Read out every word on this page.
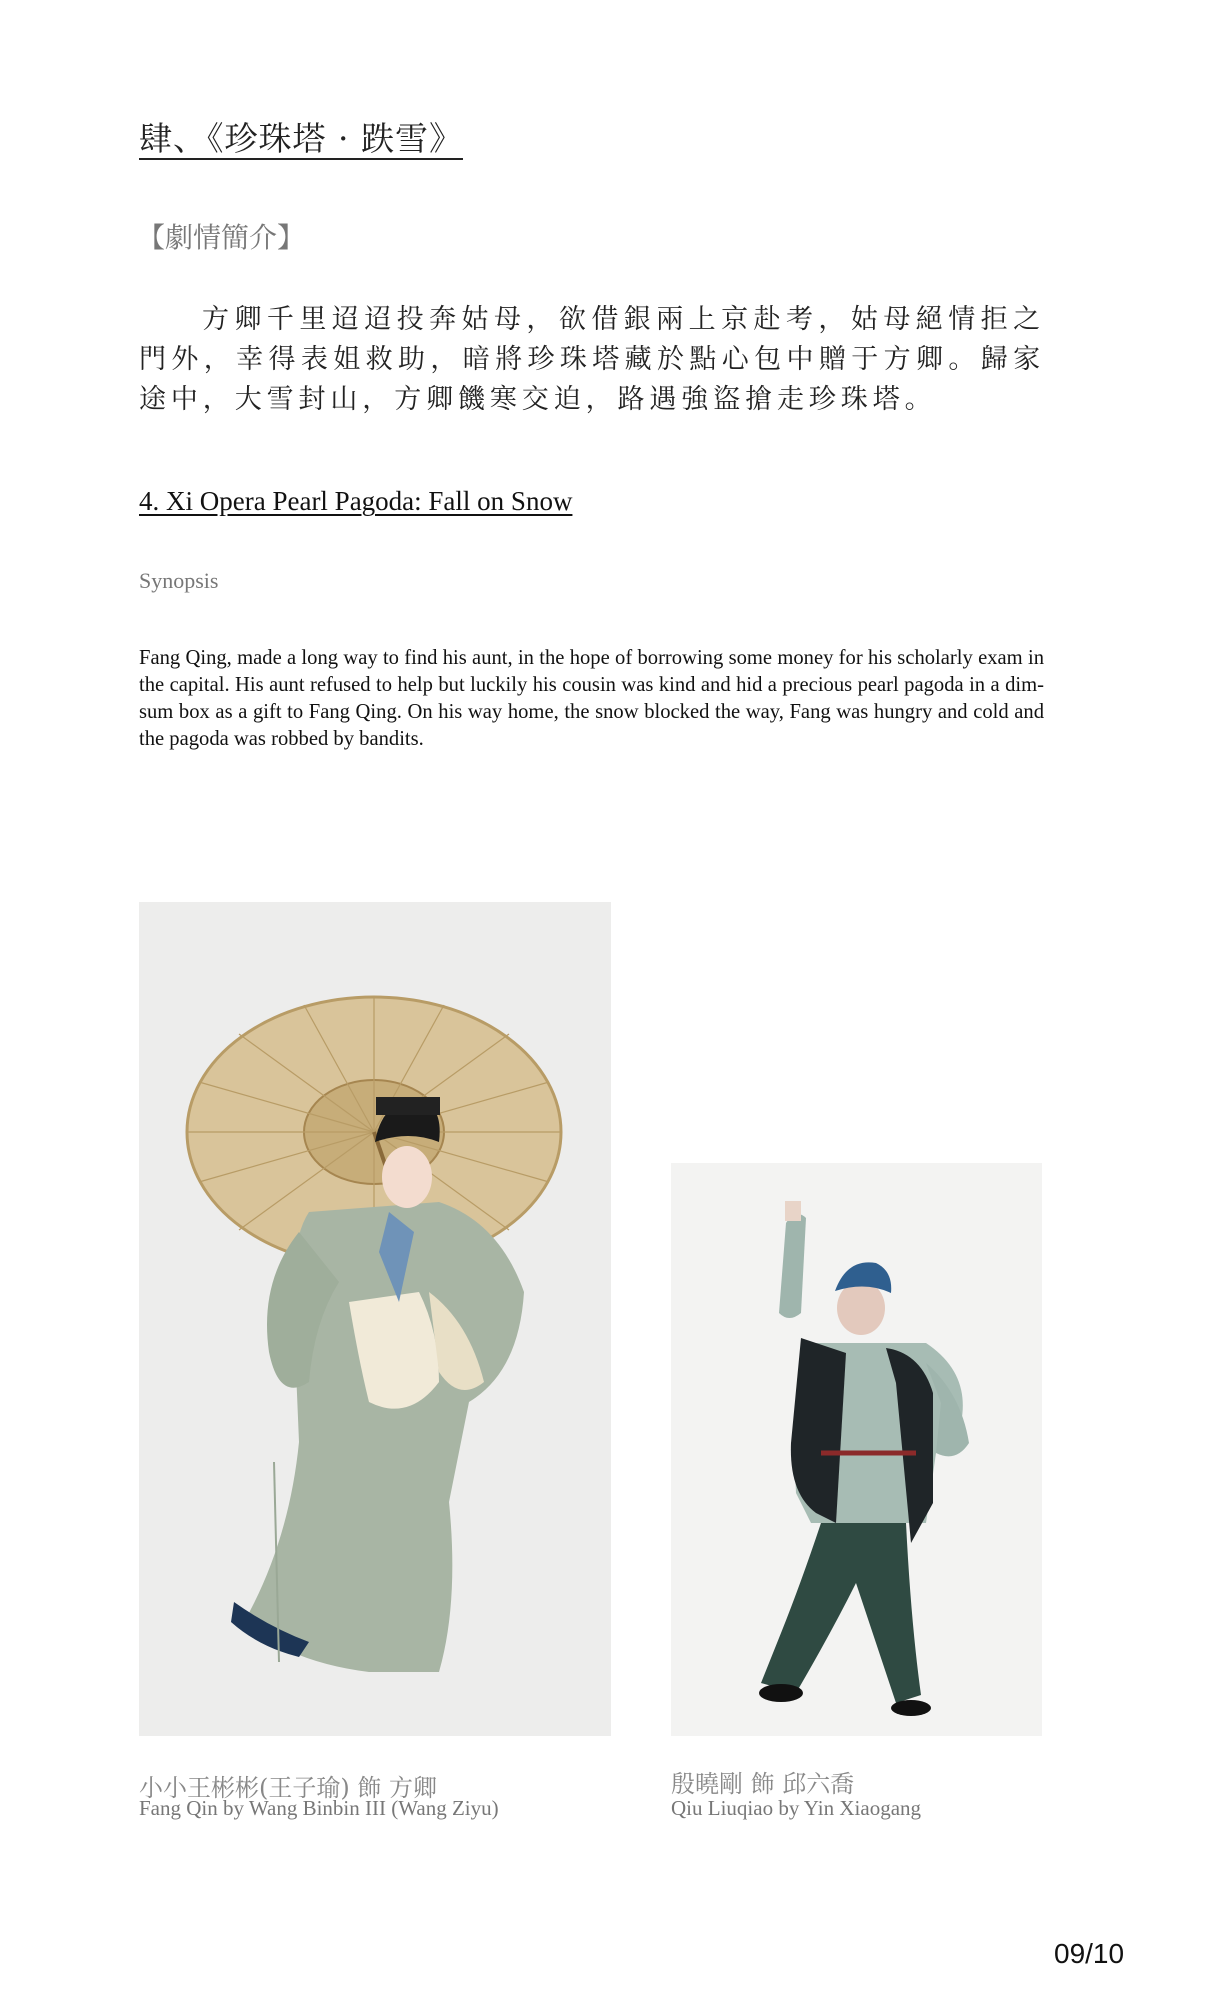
肆、《珍珠塔 · 跌雪》
【劇情簡介】
方卿千里迢迢投奔姑母，欲借銀兩上京赴考，姑母絕情拒之門外，幸得表姐救助，暗將珍珠塔藏於點心包中贈于方卿。歸家途中，大雪封山，方卿饑寒交迫，路遇強盜搶走珍珠塔。
4. Xi Opera Pearl Pagoda: Fall on Snow
Synopsis
Fang Qing, made a long way to find his aunt, in the hope of borrowing some money for his scholarly exam in the capital. His aunt refused to help but luckily his cousin was kind and hid a precious pearl pagoda in a dim-sum box as a gift to Fang Qing. On his way home, the snow blocked the way, Fang was hungry and cold and the pagoda was robbed by bandits.
小小王彬彬(王子瑜) 飾 方卿
Fang Qin by Wang Binbin III (Wang Ziyu)
殷曉剛 飾 邱六喬
Qiu Liuqiao by Yin Xiaogang
09/10
